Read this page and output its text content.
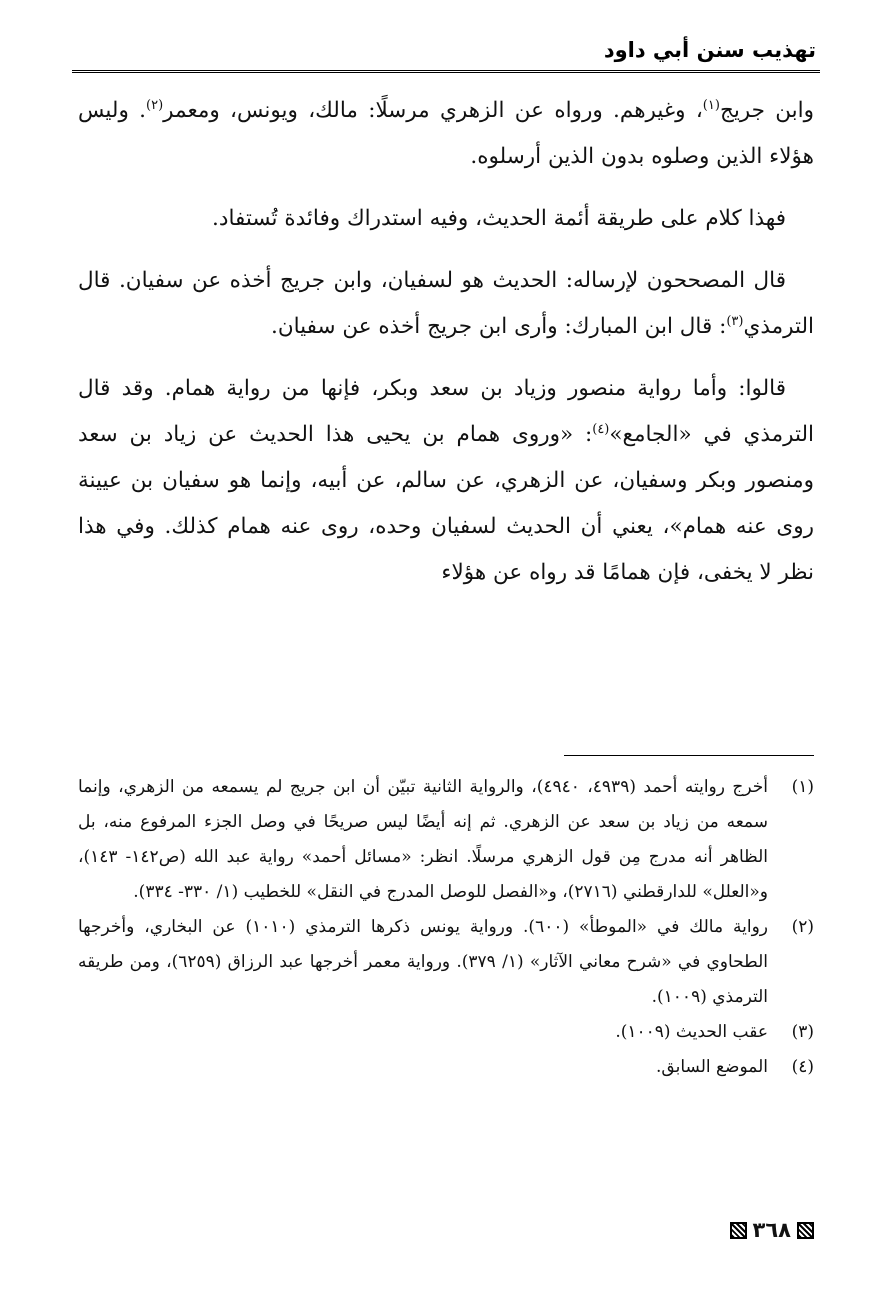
تهذيب سنن أبي داود

وابن جريج$^{(١)}$، وغيرهم. ورواه عن الزهري مرسلًا: مالك، ويونس، ومعمر$^{(٢)}$. وليس هؤلاء الذين وصلوه بدون الذين أرسلوه.

فهذا كلام على طريقة أئمة الحديث، وفيه استدراك وفائدة تُستفاد.

قال المصححون لإرساله: الحديث هو لسفيان، وابن جريج أخذه عن سفيان. قال الترمذي$^{(٣)}$: قال ابن المبارك: وأرى ابن جريج أخذه عن سفيان.

قالوا: وأما رواية منصور وزياد بن سعد وبكر، فإنها من رواية همام. وقد قال الترمذي في «الجامع»$^{(٤)}$: «وروى همام بن يحيى هذا الحديث عن زياد بن سعد ومنصور وبكر وسفيان، عن الزهري، عن سالم، عن أبيه، وإنما هو سفيان بن عيينة روى عنه همام»، يعني أن الحديث لسفيان وحده، روى عنه همام كذلك. وفي هذا نظر لا يخفى، فإن همامًا قد رواه عن هؤلاء

(١)
أخرج روايته أحمد (٤٩٣٩، ٤٩٤٠)، والرواية الثانية تبيّن أن ابن جريج لم يسمعه من الزهري، وإنما سمعه من زياد بن سعد عن الزهري. ثم إنه أيضًا ليس صريحًا في وصل الجزء المرفوع منه، بل الظاهر أنه مدرج مِن قول الزهري مرسلًا. انظر: «مسائل أحمد» رواية عبد الله (ص١٤٢- ١٤٣)، و«العلل» للدارقطني (٢٧١٦)، و«الفصل للوصل المدرج في النقل» للخطيب (١/ ٣٣٠- ٣٣٤).
(٢)
رواية مالك في «الموطأ» (٦٠٠). ورواية يونس ذكرها الترمذي (١٠١٠) عن البخاري، وأخرجها الطحاوي في «شرح معاني الآثار» (١/ ٣٧٩). ورواية معمر أخرجها عبد الرزاق (٦٢٥٩)، ومن طريقه الترمذي (١٠٠٩).
(٣)
عقب الحديث (١٠٠٩).
(٤)
الموضع السابق.
٣٦٨
